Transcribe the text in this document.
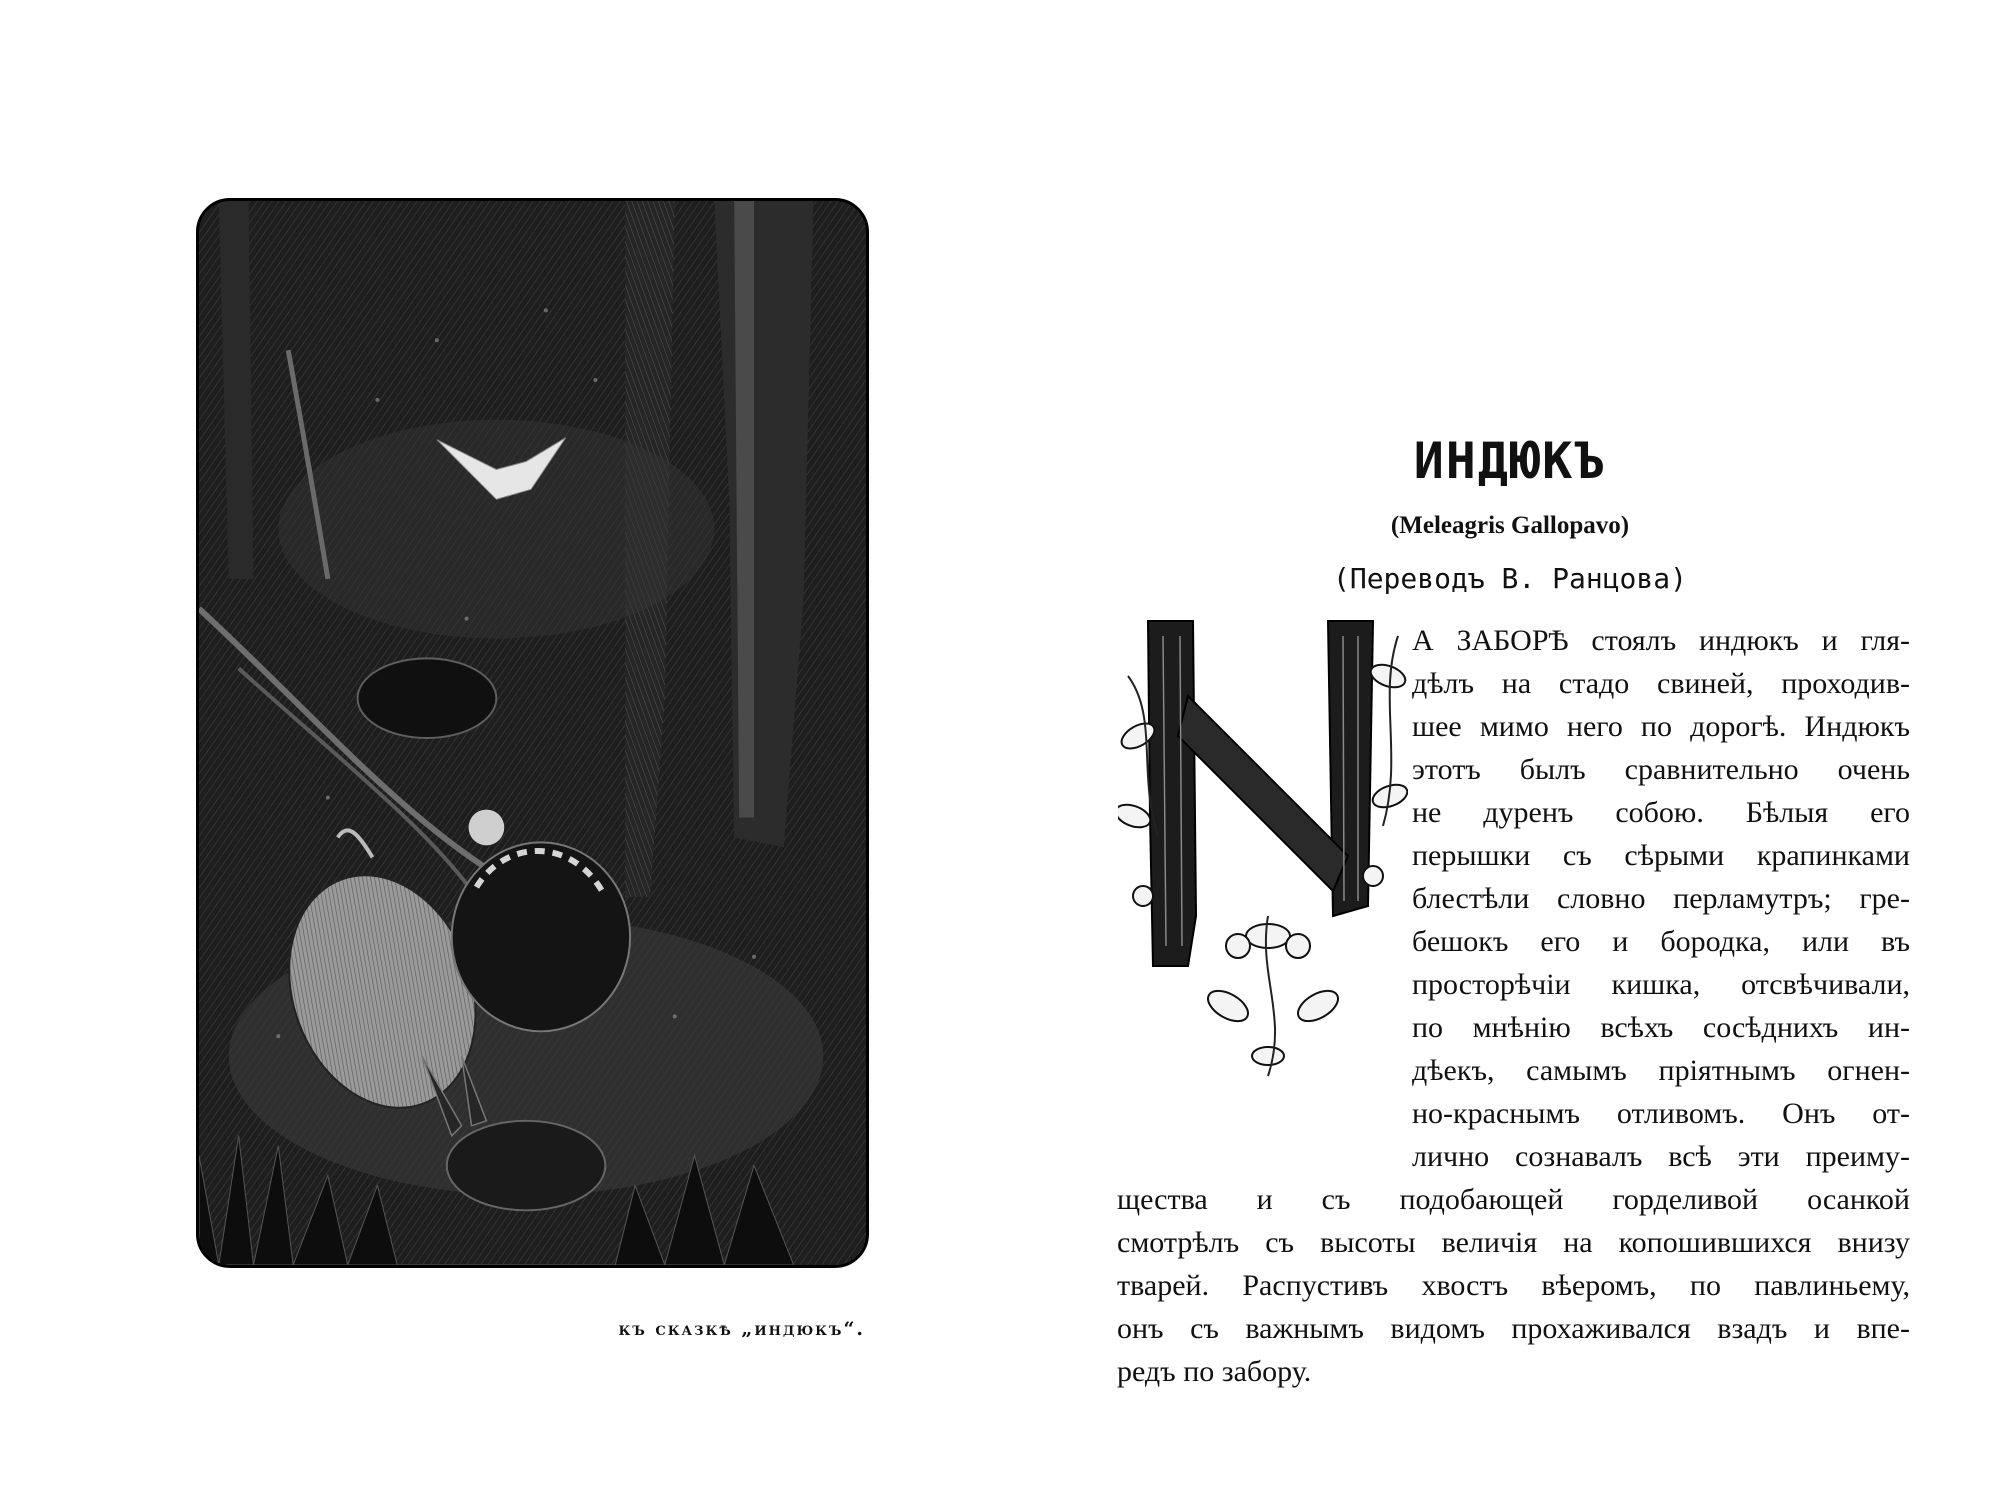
къ сказкѣ „индюкъ“.
ИНДЮКЪ
(Meleagris Gallopavo)
(Переводъ В. Ранцова)
А ЗАБОРѢ стоялъ индюкъ и гля-
дѣлъ на стадо свиней, проходив-
шее мимо него по дорогѣ. Индюкъ
этотъ былъ сравнительно очень
не дуренъ собою. Бѣлыя его
перышки съ сѣрыми крапинками
блестѣли словно перламутръ; гре-
бешокъ его и бородка, или въ
просторѣчіи кишка, отсвѣчивали,
по мнѣнію всѣхъ сосѣднихъ ин-
дѣекъ, самымъ пріятнымъ огнен-
но-краснымъ отливомъ. Онъ от-
лично сознавалъ всѣ эти преиму-
щества и съ подобающей горделивой осанкой
смотрѣлъ съ высоты величія на копошившихся внизу
тварей. Распустивъ хвостъ вѣеромъ, по павлиньему,
онъ съ важнымъ видомъ прохаживался взадъ и впе-
редъ по забору.
